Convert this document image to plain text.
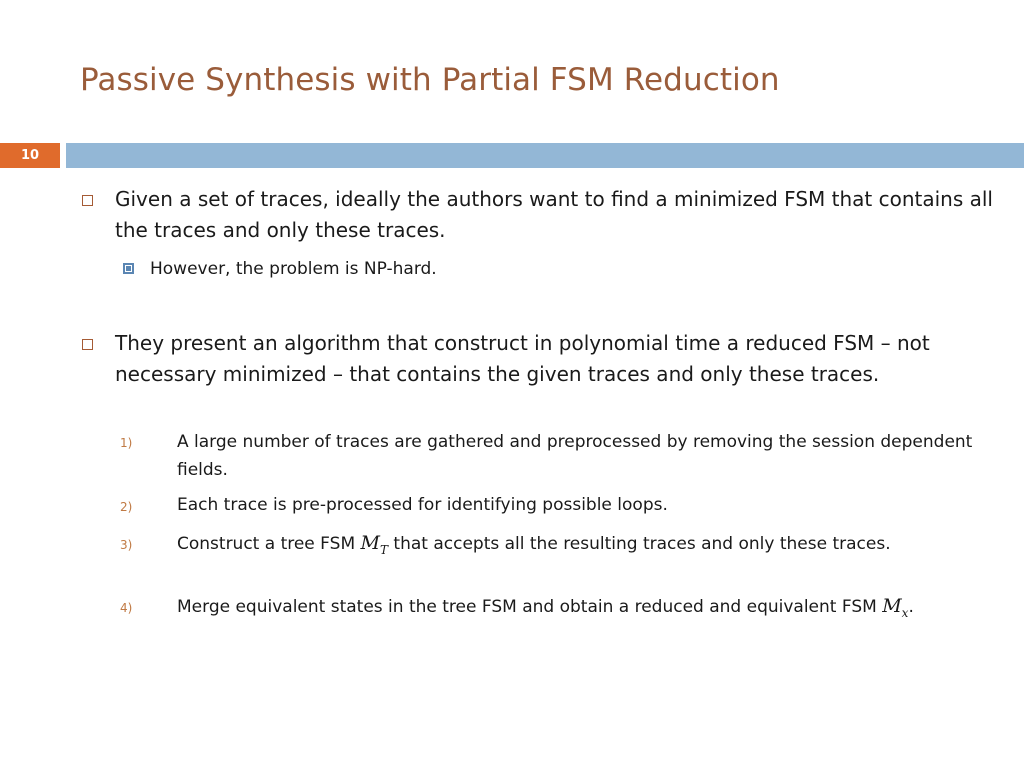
Passive Synthesis with Partial FSM Reduction
10
Given a set of traces, ideally the authors want to find a minimized FSM that contains all the traces and only these traces.
However, the problem is NP-hard.
They present an algorithm that construct in polynomial time a reduced FSM – not necessary minimized – that contains the given traces and only these traces.
1)	A large number of traces are gathered and preprocessed by removing the session dependent fields.
2)	Each trace is pre-processed for identifying possible loops.
3)	Construct a tree FSM $M_T$ that accepts all the resulting traces and only these traces.
4)	Merge equivalent states in the tree FSM and obtain a reduced and equivalent FSM $M_x$.
